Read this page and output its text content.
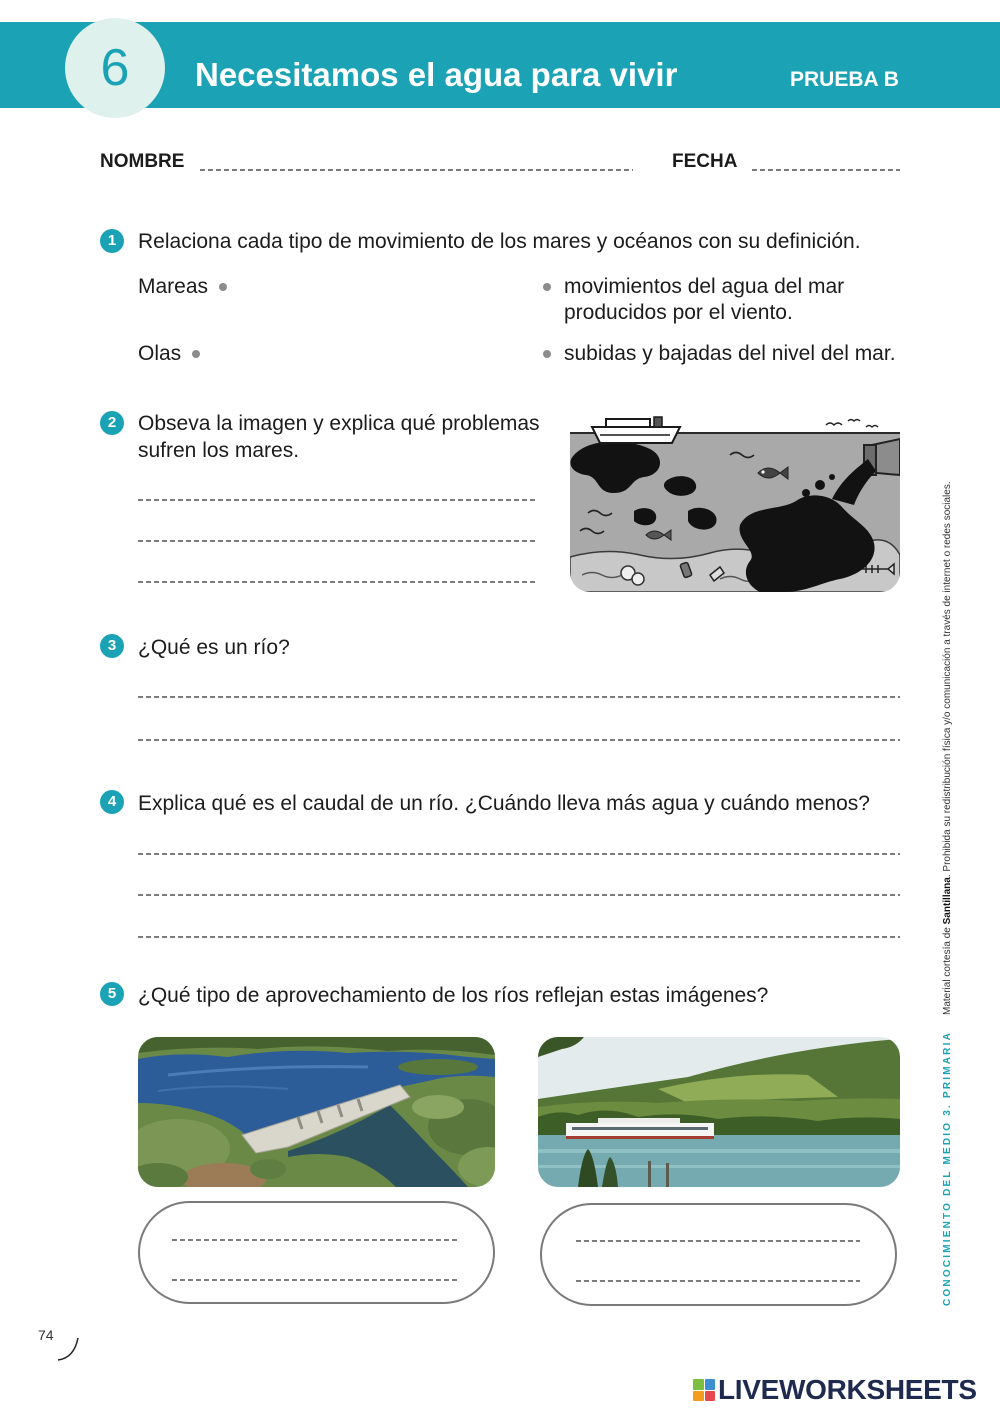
6	Necesitamos el agua para vivir	PRUEBA B
NOMBRE	FECHA
1	Relaciona cada tipo de movimiento de los mares y océanos con su definición.
Mareas	movimientos del agua del mar producidos por el viento.
Olas	subidas y bajadas del nivel del mar.
2	Obseva la imagen y explica qué problemas sufren los mares.
3	¿Qué es un río?
4	Explica qué es el caudal de un río. ¿Cuándo lleva más agua y cuándo menos?
5	¿Qué tipo de aprovechamiento de los ríos reflejan estas imágenes?	Material cortesía de Santillana. Prohibida su redistribución física y/o comunicación a través de internet o redes sociales.
CONOCIMIENTO DEL MEDIO 3. PRIMARIA
74
LIVEWORKSHEETS
